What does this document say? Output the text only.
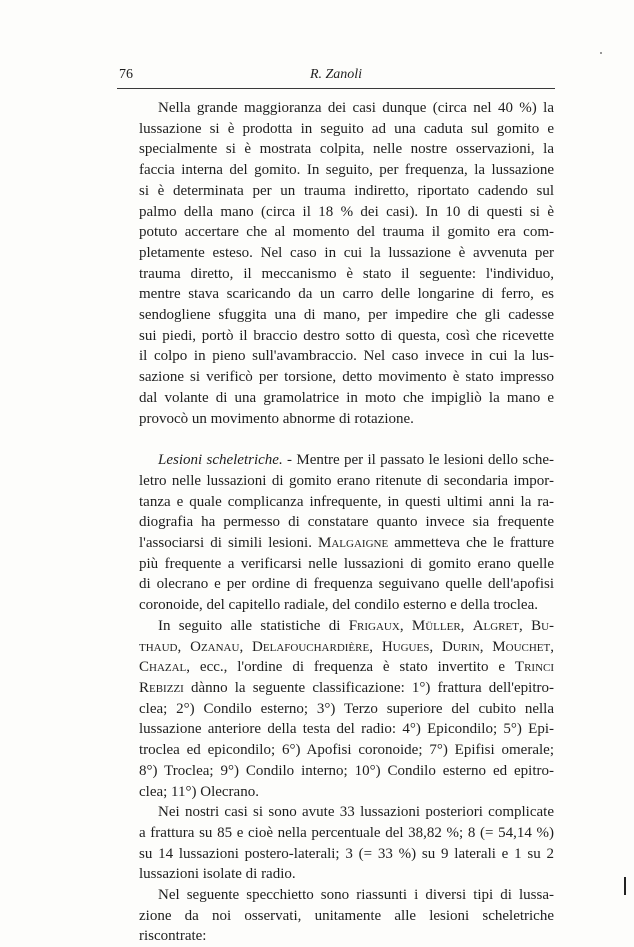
76	R. Zanoli

Nella grande maggioranza dei casi dunque (circa nel 40 %) la

lussazione si è prodotta in seguito ad una caduta sul gomito e

specialmente si è mostrata colpita, nelle nostre osservazioni, la

faccia interna del gomito. In seguito, per frequenza, la lussazione

si è determinata per un trauma indiretto, riportato cadendo sul

palmo della mano (circa il 18 % dei casi). In 10 di questi si è

potuto accertare che al momento del trauma il gomito era com-

pletamente esteso. Nel caso in cui la lussazione è avvenuta per

trauma diretto, il meccanismo è stato il seguente: l'individuo,

mentre stava scaricando da un carro delle longarine di ferro, es

sendogliene sfuggita una di mano, per impedire che gli cadesse

sui piedi, portò il braccio destro sotto di questa, così che ricevette

il colpo in pieno sull'avambraccio. Nel caso invece in cui la lus-

sazione si verificò per torsione, detto movimento è stato impresso

dal volante di una gramolatrice in moto che impigliò la mano e

provocò un movimento abnorme di rotazione.

Lesioni scheletriche. - Mentre per il passato le lesioni dello sche-

letro nelle lussazioni di gomito erano ritenute di secondaria impor-

tanza e quale complicanza infrequente, in questi ultimi anni la ra-

diografia ha permesso di constatare quanto invece sia frequente

l'associarsi di simili lesioni. Malgaigne ammetteva che le fratture

più frequente a verificarsi nelle lussazioni di gomito erano quelle

di olecrano e per ordine di frequenza seguivano quelle dell'apofisi

coronoide, del capitello radiale, del condilo esterno e della troclea.

In seguito alle statistiche di Frigaux, Müller, Algret, Bu-

thaud, Ozanau, Delafouchardière, Hugues, Durin, Mouchet,

Chazal, ecc., l'ordine di frequenza è stato invertito e Trinci

Rebizzi dànno la seguente classificazione: 1°) frattura dell'epitro-

clea; 2°) Condilo esterno; 3°) Terzo superiore del cubito nella

lussazione anteriore della testa del radio: 4°) Epicondilo; 5°) Epi-

troclea ed epicondilo; 6°) Apofisi coronoide; 7°) Epifisi omerale;

8°) Troclea; 9°) Condilo interno; 10°) Condilo esterno ed epitro-

clea; 11°) Olecrano.

Nei nostri casi si sono avute 33 lussazioni posteriori complicate

a frattura su 85 e cioè nella percentuale del 38,82 %; 8 (= 54,14 %)

su 14 lussazioni postero-laterali; 3 (= 33 %) su 9 laterali e 1 su 2

lussazioni isolate di radio.

Nel seguente specchietto sono riassunti i diversi tipi di lussa-

zione da noi osservati, unitamente alle lesioni scheletriche riscontrate:
